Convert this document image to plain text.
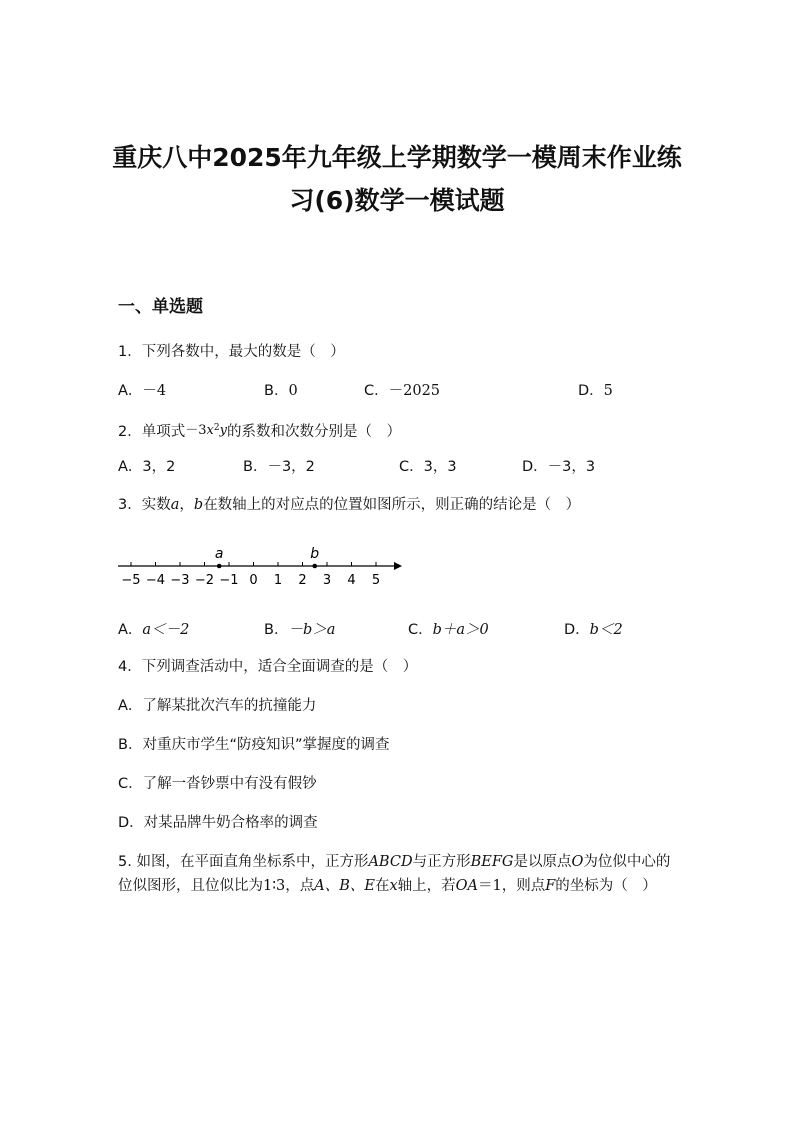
重庆八中2025年九年级上学期数学一模周末作业练
习(6)数学一模试题
一、单选题
1．下列各数中，最大的数是（　）
A．－4	B．0	C．－2025	D．5
2．单项式$-3x^2y$的系数和次数分别是（　）
A．3，2	B．－3，2	C．3，3	D．－3，3
3．实数a，b在数轴上的对应点的位置如图所示，则正确的结论是（　）
−5 −4 −3 −2 −1 0 1 2 3 4 5
a	b
A．a＜－2	B．－b＞a	C．b＋a＞0	D．b＜2
4．下列调查活动中，适合全面调查的是（　）
A．了解某批次汽车的抗撞能力
B．对重庆市学生“防疫知识”掌握度的调查
C．了解一沓钞票中有没有假钞
D．对某品牌牛奶合格率的调查
5. 如图，在平面直角坐标系中，正方形ABCD与正方形BEFG是以原点O为位似中心的位似图形，且位似比为1∶3，点A、B、E在x轴上，若OA＝1，则点F的坐标为（　）
